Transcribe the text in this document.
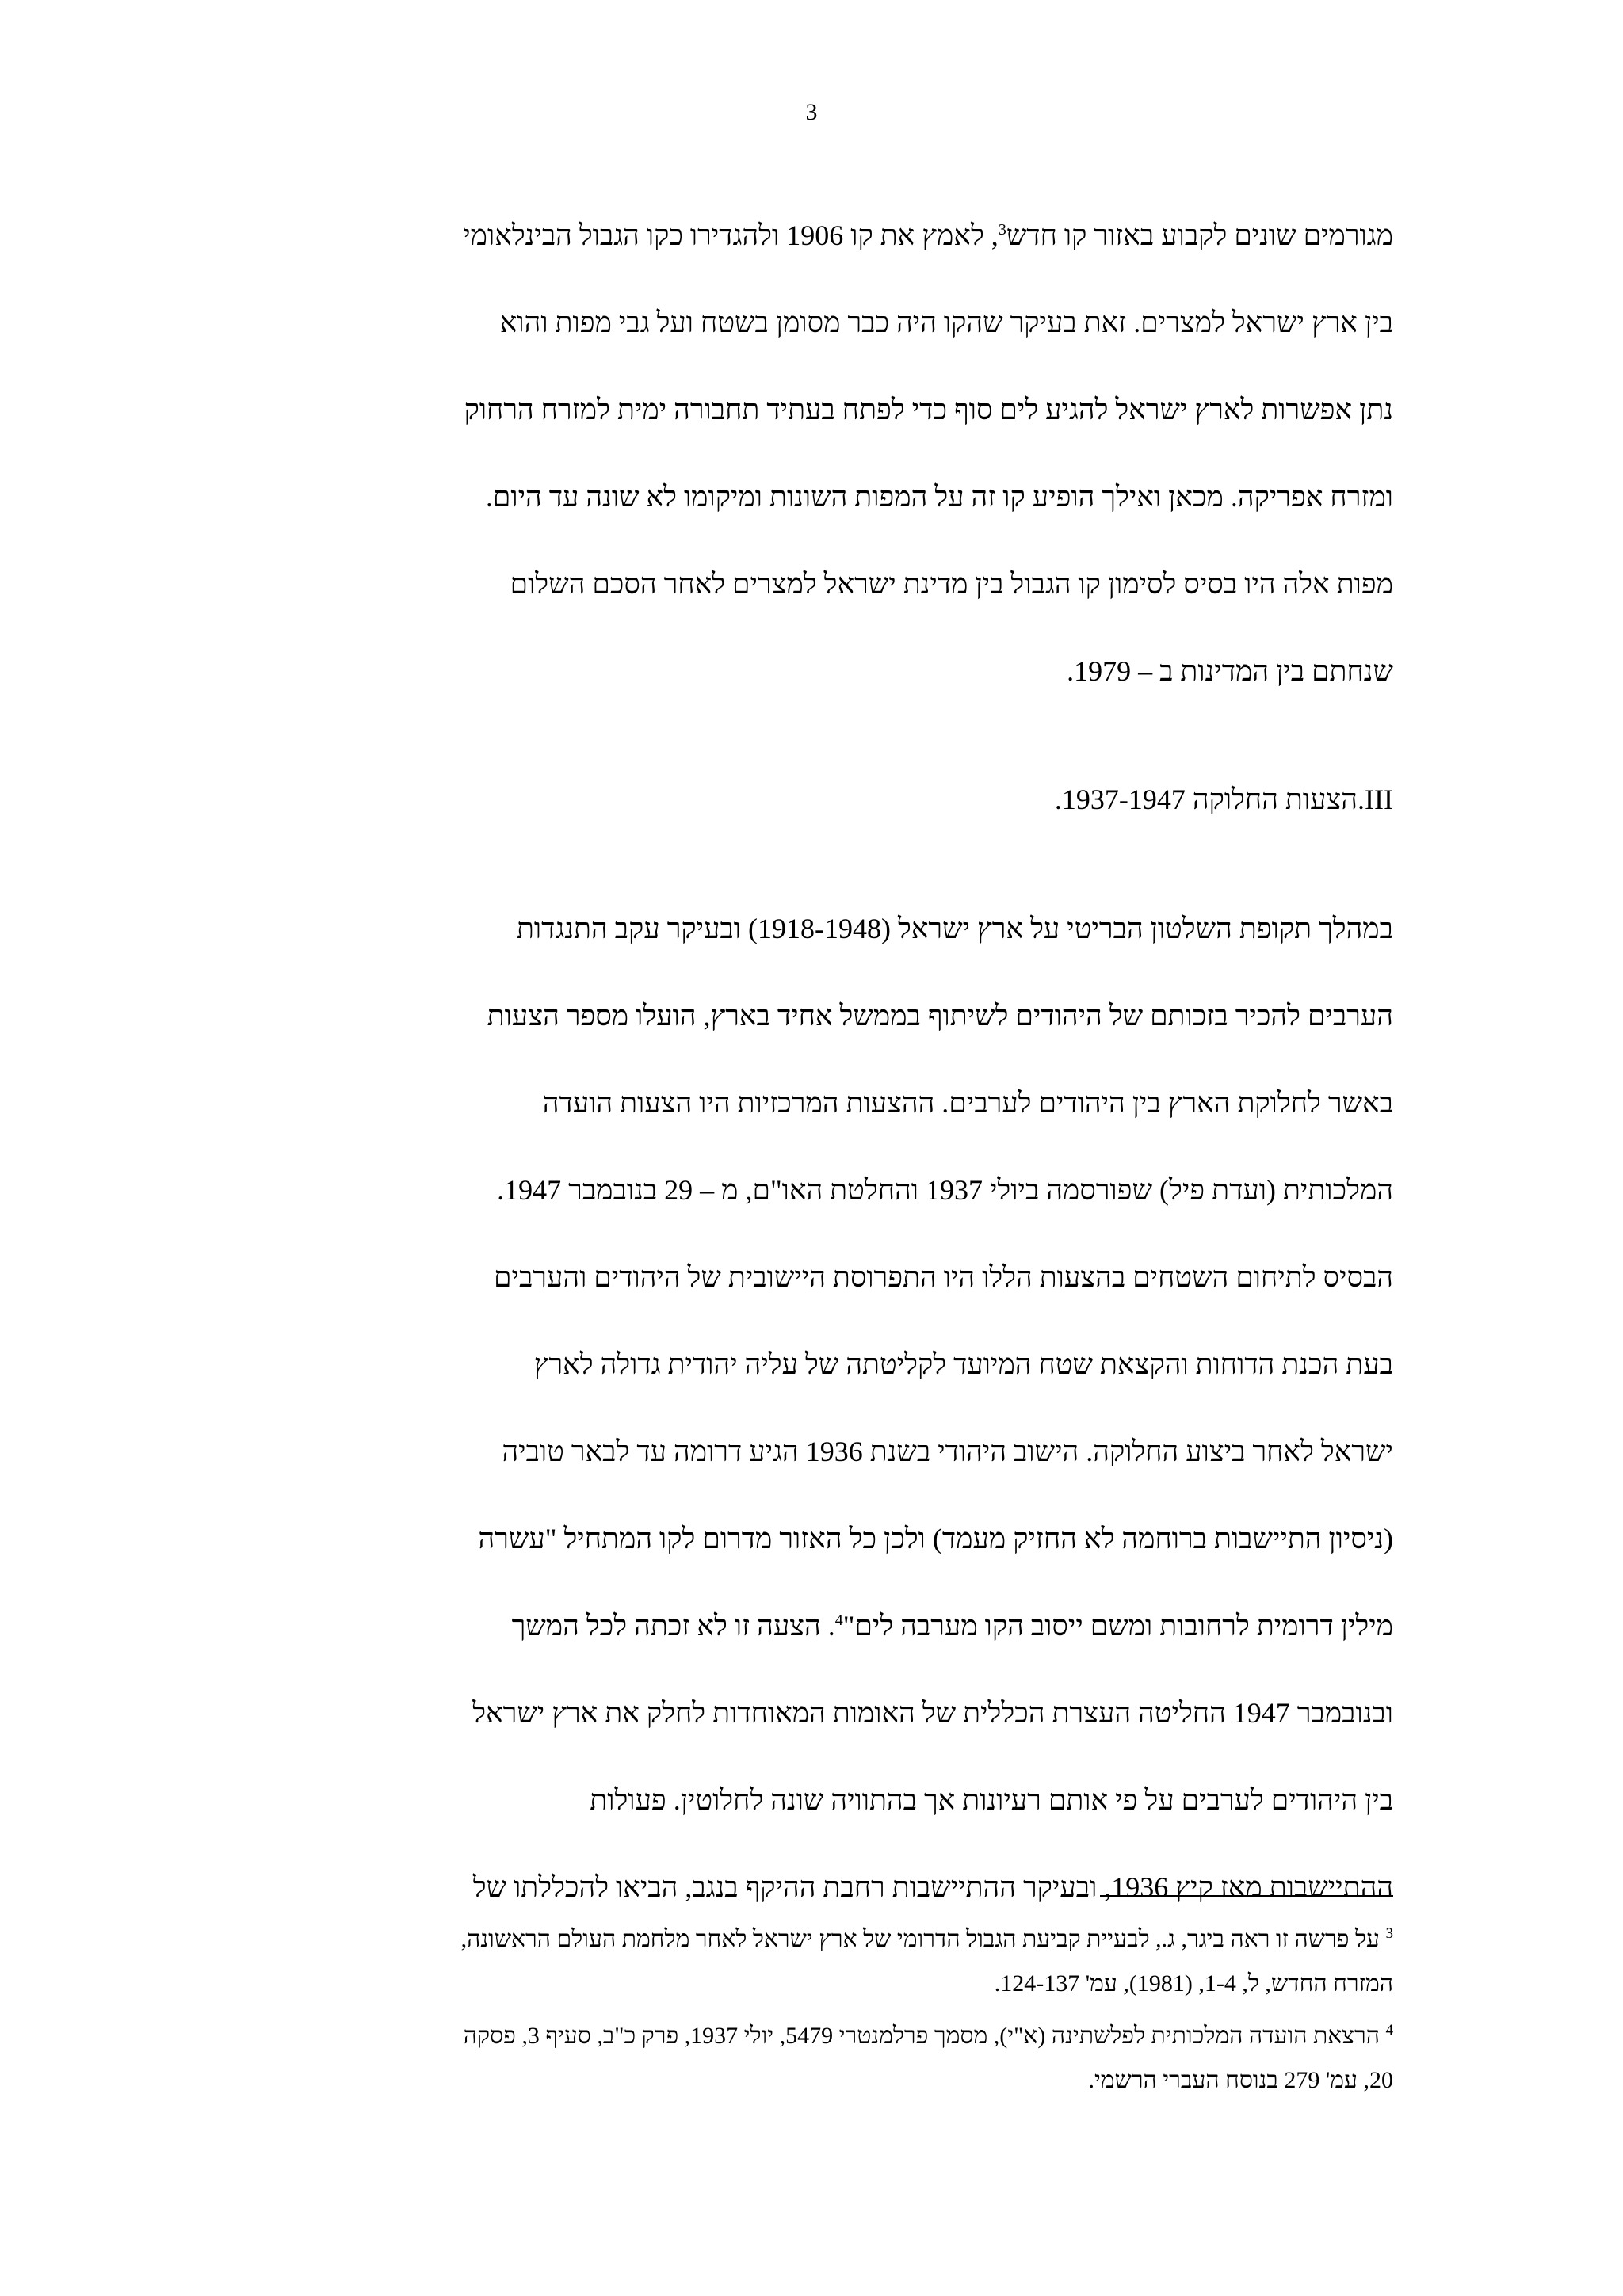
3
מגורמים שונים לקבוע באזור קו חדש$^3$, לאמץ את קו 1906 ולהגדירו כקו הגבול הבינלאומי
בין ארץ ישראל למצרים. זאת בעיקר שהקו היה כבר מסומן בשטח ועל גבי מפות והוא
נתן אפשרות לארץ ישראל להגיע לים סוף כדי לפתח בעתיד תחבורה ימית למזרח הרחוק
ומזרח אפריקה. מכאן ואילך הופיע קו זה על המפות השונות ומיקומו לא שונה עד היום.
מפות אלה היו בסיס לסימון קו הגבול בין מדינת ישראל למצרים לאחר הסכם השלום
שנחתם בין המדינות ב – 1979.
III.הצעות החלוקה 1937-1947.
במהלך תקופת השלטון הבריטי על ארץ ישראל (1918-1948) ובעיקר עקב התנגדות
הערבים להכיר בזכותם של היהודים לשיתוף בממשל אחיד בארץ, הועלו מספר הצעות
באשר לחלוקת הארץ בין היהודים לערבים. ההצעות המרכזיות היו הצעות הועדה
המלכותית (ועדת פיל) שפורסמה ביולי 1937 והחלטת האו"ם, מ – 29 בנובמבר 1947.
הבסיס לתיחום השטחים בהצעות הללו היו התפרוסת היישובית של היהודים והערבים
בעת הכנת הדוחות והקצאת שטח המיועד לקליטתה של עליה יהודית גדולה לארץ
ישראל לאחר ביצוע החלוקה. הישוב היהודי בשנת 1936 הגיע דרומה עד לבאר טוביה
(ניסיון התיישבות ברוחמה לא החזיק מעמד) ולכן כל האזור מדרום לקו המתחיל "עשרה
מילין דרומית לרחובות ומשם ייסוב הקו מערבה לים"$^4$. הצעה זו לא זכתה לכל המשך
ובנובמבר 1947 החליטה העצרת הכללית של האומות המאוחדות לחלק את ארץ ישראל
בין היהודים לערבים על פי אותם רעיונות אך בהתוויה שונה לחלוטין. פעולות
ההתיישבות מאז קיץ 1936, ובעיקר ההתיישבות רחבת ההיקף בנגב, הביאו להכללתו של
$^3$ על פרשה זו ראה ביגר, ג., לבעיית קביעת הגבול הדרומי של ארץ ישראל לאחר מלחמת העולם הראשונה,
המזרח החדש, ל, 1-4, (1981), עמ' 124-137.
$^4$ הרצאת הועדה המלכותית לפלשתינה (א"י), מסמך פרלמנטרי 5479, יולי 1937, פרק כ"ב, סעיף 3, פסקה
20, עמ' 279 בנוסח העברי הרשמי.
